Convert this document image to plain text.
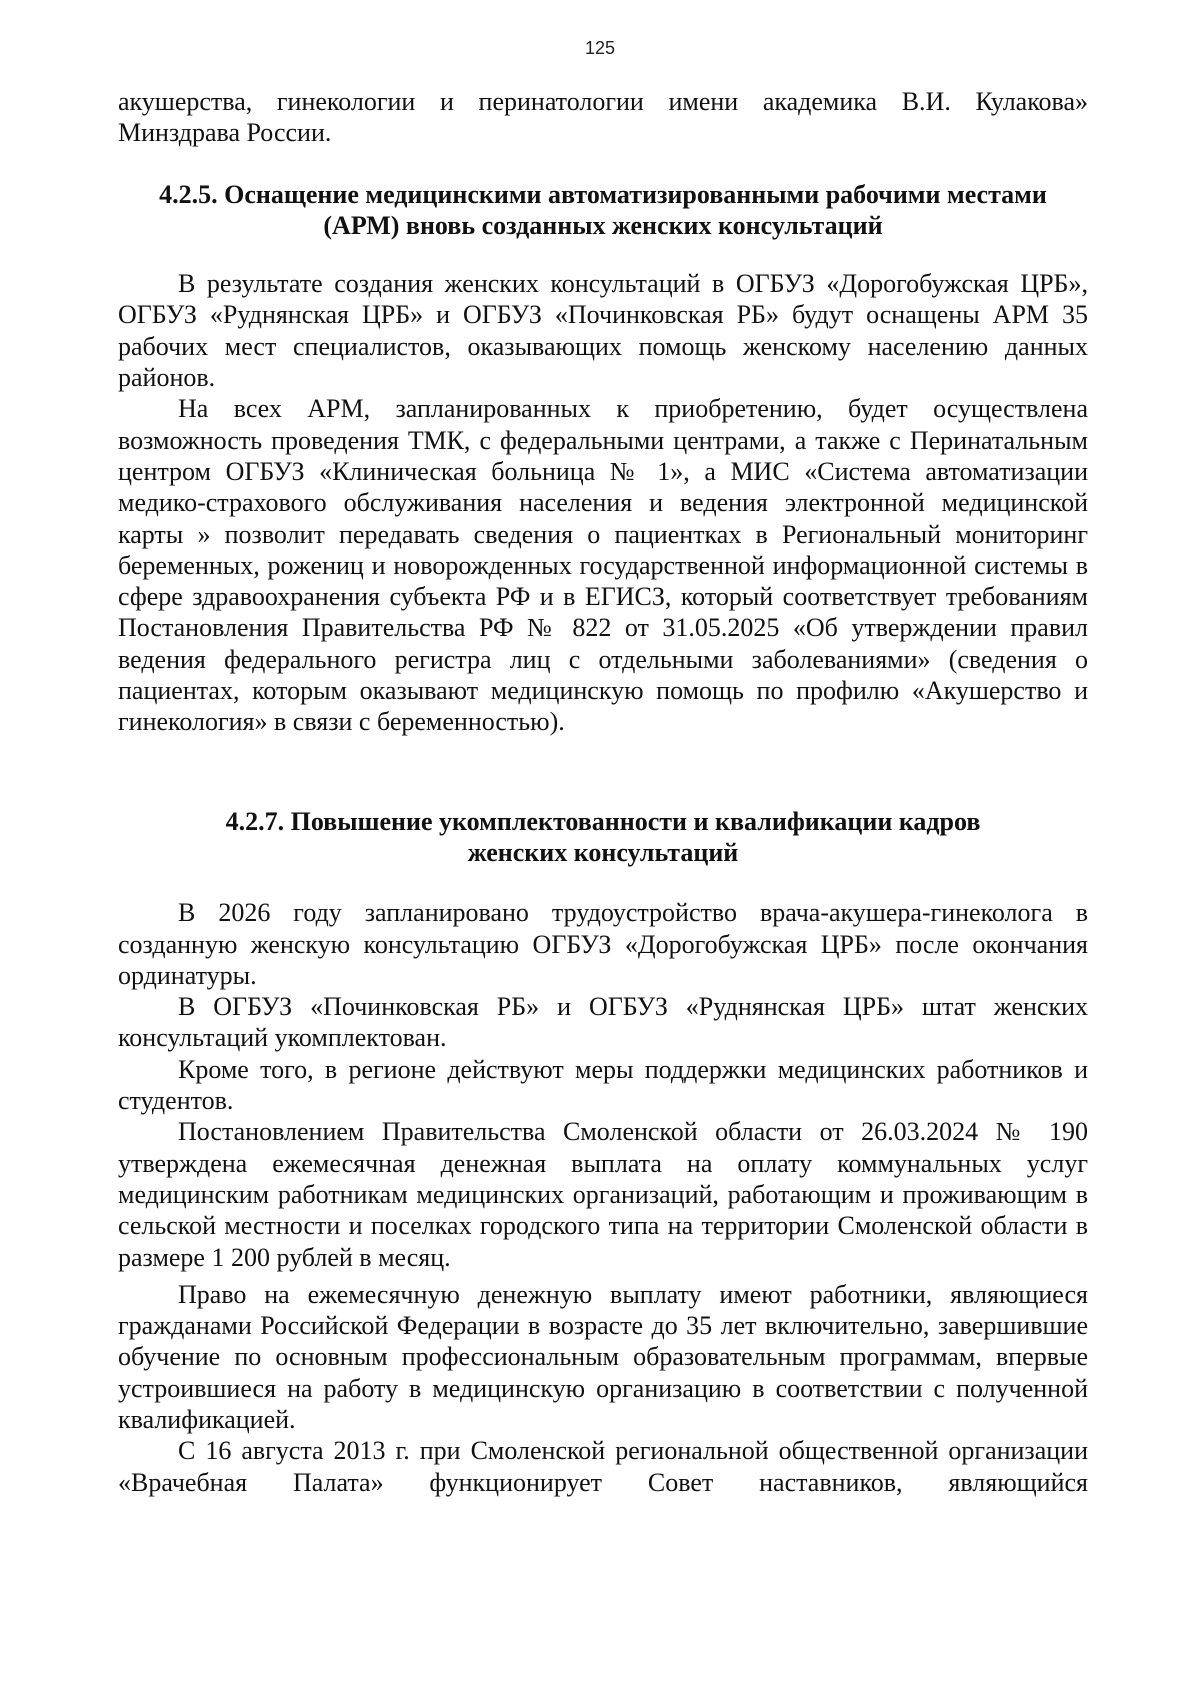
125

акушерства, гинекологии и перинатологии имени академика В.И. Кулакова» Минздрава России.

4.2.5. Оснащение медицинскими автоматизированными рабочими местами
(АРМ) вновь созданных женских консультаций

В результате создания женских консультаций в ОГБУЗ «Дорогобужская ЦРБ», ОГБУЗ «Руднянская ЦРБ» и ОГБУЗ «Починковская РБ» будут оснащены АРМ 35 рабочих мест специалистов, оказывающих помощь женскому населению данных районов.

На всех АРМ, запланированных к приобретению, будет осуществлена возможность проведения ТМК, с федеральными центрами, а также с Перинатальным центром ОГБУЗ «Клиническая больница № 1», а МИС «Система автоматизации медико-страхового обслуживания населения и ведения электронной медицинской карты » позволит передавать сведения о пациентках в Региональный мониторинг беременных, рожениц и новорожденных государственной информационной системы в сфере здравоохранения субъекта РФ и в ЕГИСЗ, который соответствует требованиям Постановления Правительства РФ № 822 от 31.05.2025 «Об утверждении правил ведения федерального регистра лиц с отдельными заболеваниями» (сведения о пациентах, которым оказывают медицинскую помощь по профилю «Акушерство и гинекология» в связи с беременностью).

4.2.7. Повышение укомплектованности и квалификации кадров
женских консультаций

В 2026 году запланировано трудоустройство врача-акушера-гинеколога в созданную женскую консультацию ОГБУЗ «Дорогобужская ЦРБ» после окончания ординатуры.

В ОГБУЗ «Починковская РБ» и ОГБУЗ «Руднянская ЦРБ» штат женских консультаций укомплектован.

Кроме того, в регионе действуют меры поддержки медицинских работников и студентов.

Постановлением Правительства Смоленской области от 26.03.2024 № 190 утверждена ежемесячная денежная выплата на оплату коммунальных услуг медицинским работникам медицинских организаций, работающим и проживающим в сельской местности и поселках городского типа на территории Смоленской области в размере 1 200 рублей в месяц.

Право на ежемесячную денежную выплату имеют работники, являющиеся гражданами Российской Федерации в возрасте до 35 лет включительно, завершившие обучение по основным профессиональным образовательным программам, впервые устроившиеся на работу в медицинскую организацию в соответствии с полученной квалификацией.

С 16 августа 2013 г. при Смоленской региональной общественной организации «Врачебная Палата» функционирует Совет наставников, являющийся
